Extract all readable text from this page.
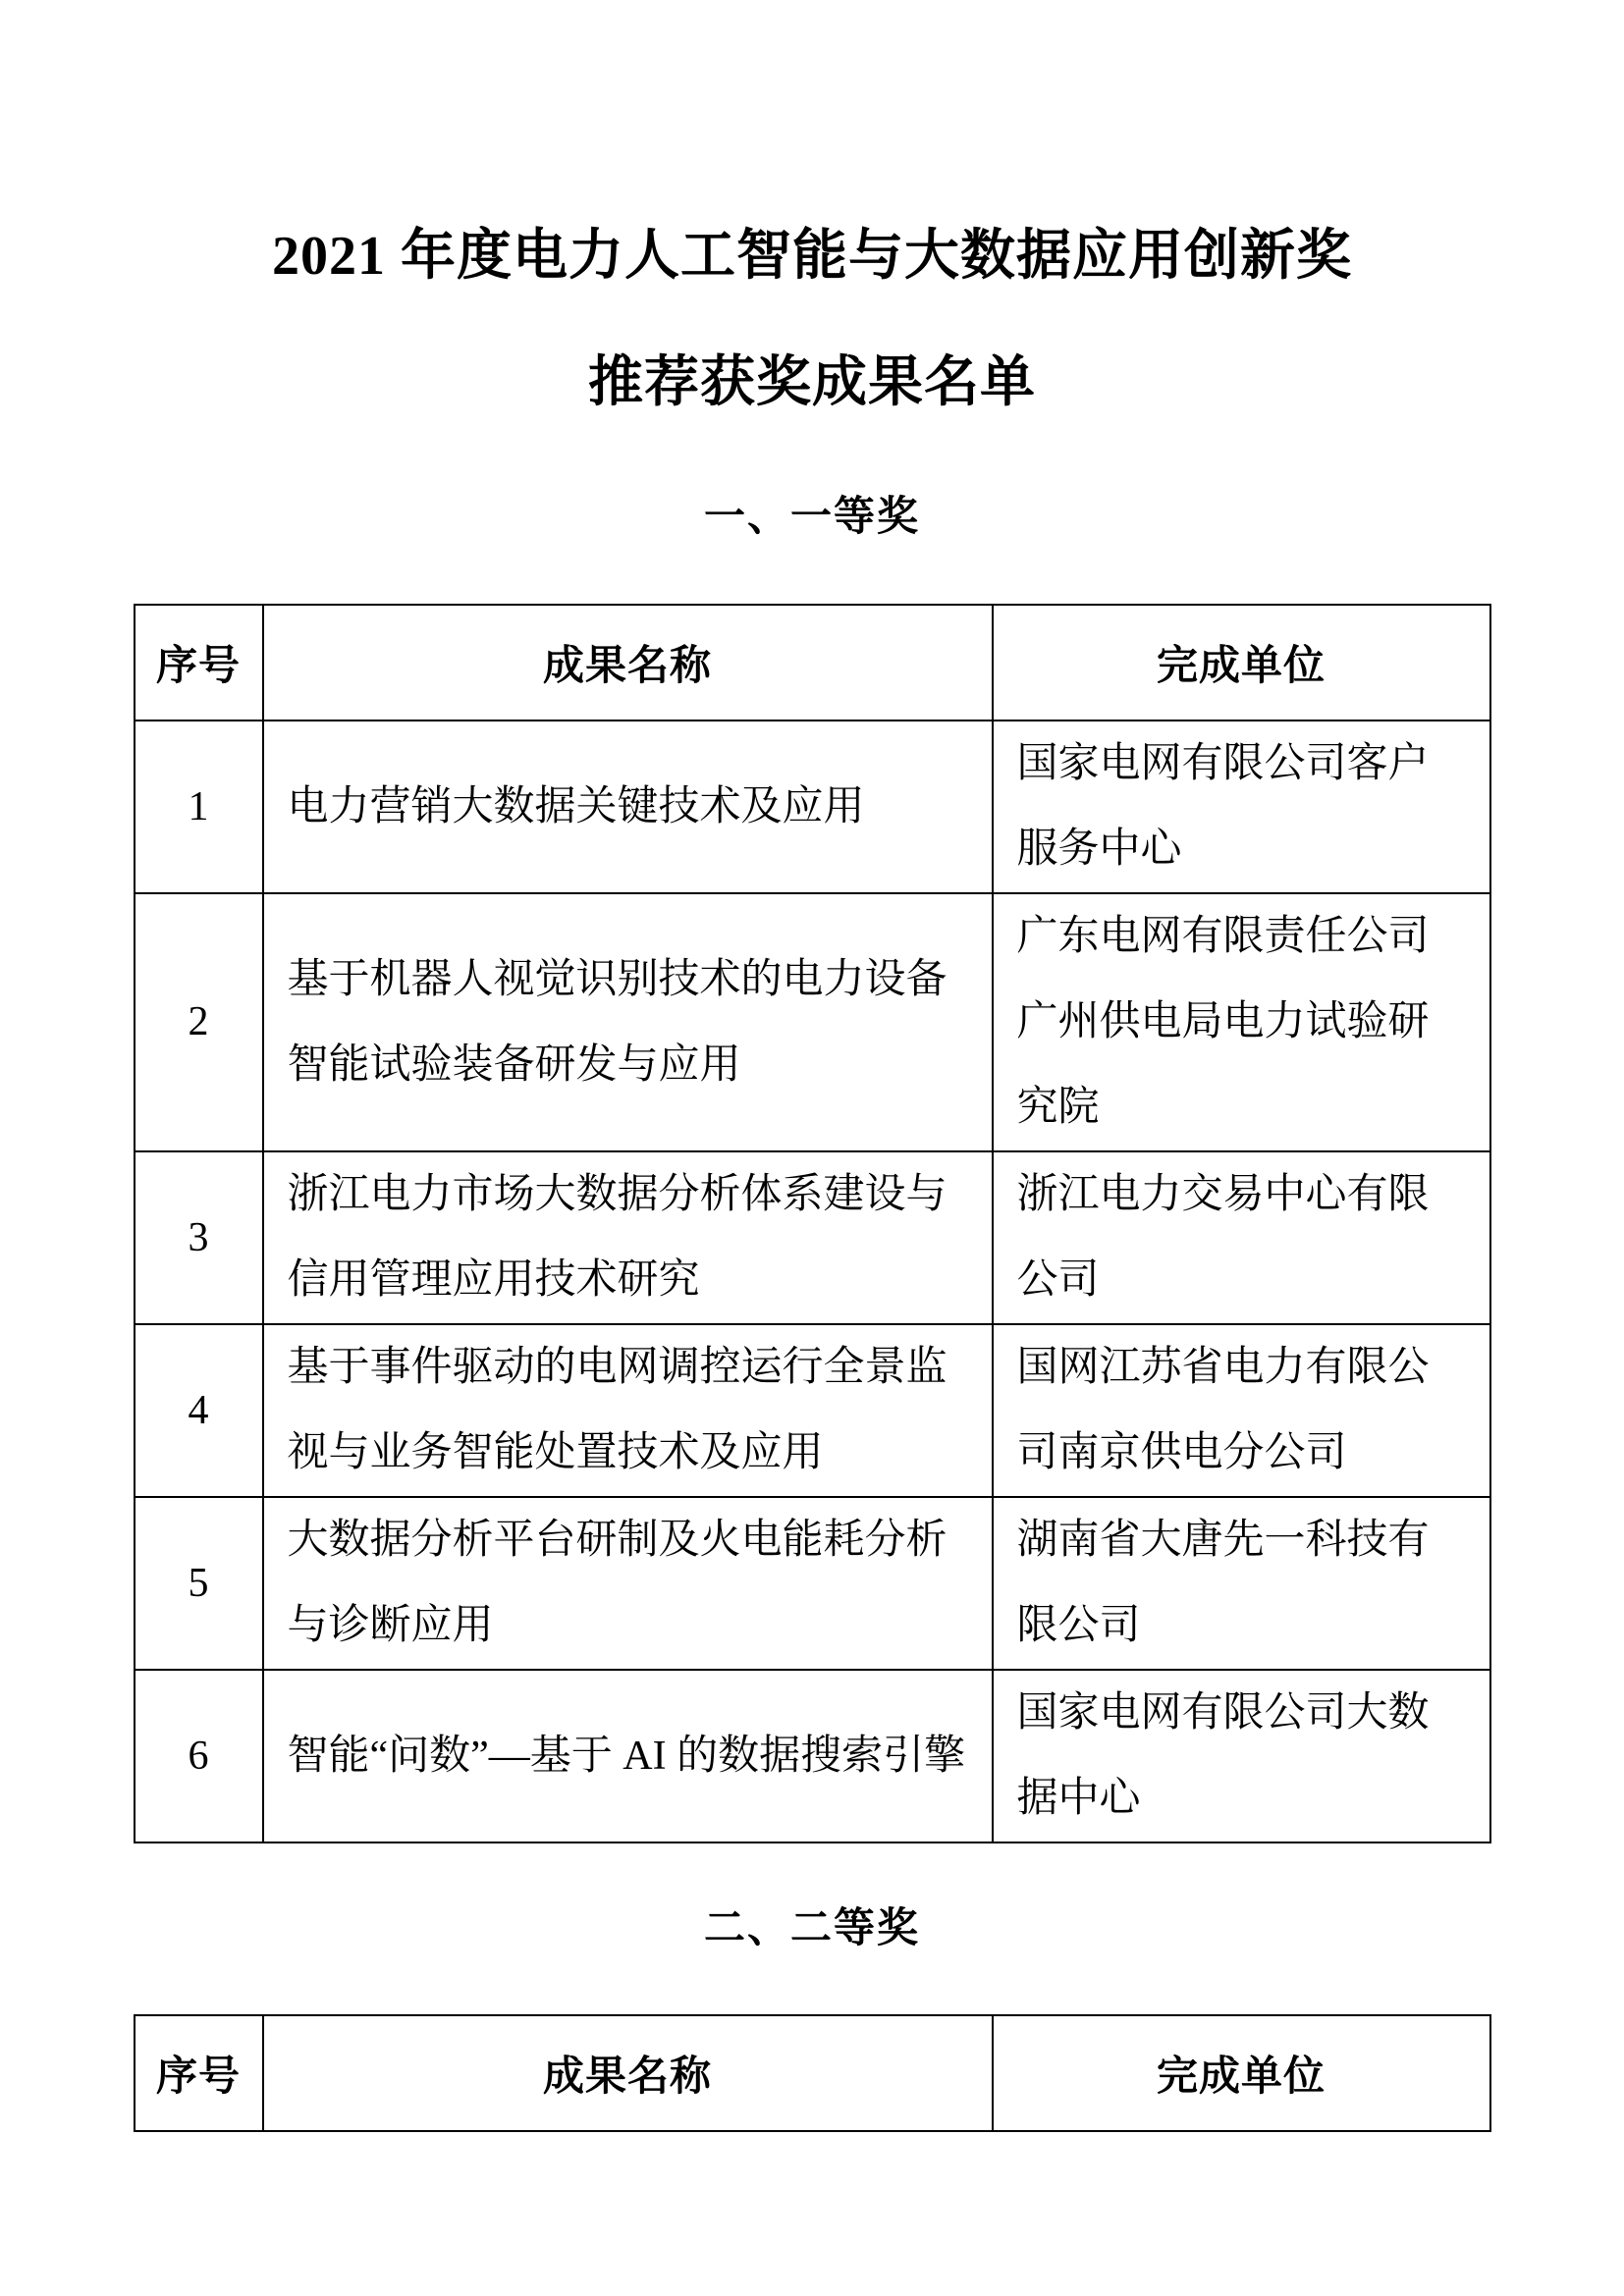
2021 年度电力人工智能与大数据应用创新奖
推荐获奖成果名单
一、一等奖
序号	成果名称	完成单位
1	电力营销大数据关键技术及应用	国家电网有限公司客户服务中心
2	基于机器人视觉识别技术的电力设备智能试验装备研发与应用	广东电网有限责任公司广州供电局电力试验研究院
3	浙江电力市场大数据分析体系建设与信用管理应用技术研究	浙江电力交易中心有限公司
4	基于事件驱动的电网调控运行全景监视与业务智能处置技术及应用	国网江苏省电力有限公司南京供电分公司
5	大数据分析平台研制及火电能耗分析与诊断应用	湖南省大唐先一科技有限公司
6	智能“问数”—基于 AI 的数据搜索引擎	国家电网有限公司大数据中心
二、二等奖
序号	成果名称	完成单位
